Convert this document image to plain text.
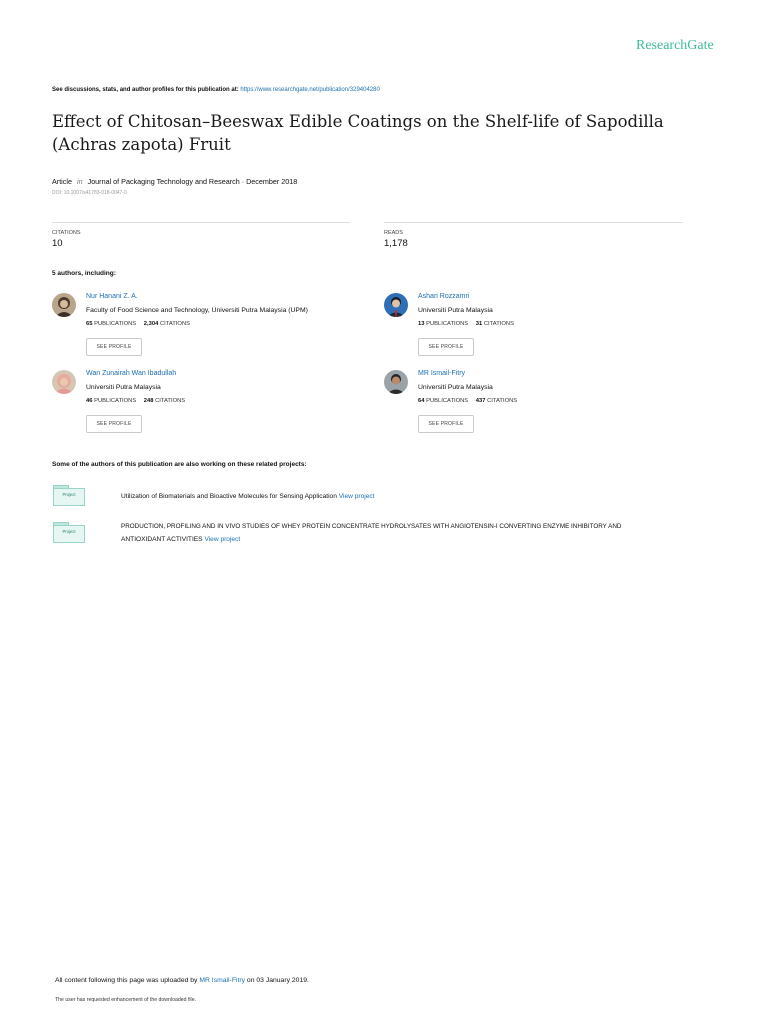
ResearchGate
See discussions, stats, and author profiles for this publication at: https://www.researchgate.net/publication/329404280
Effect of Chitosan–Beeswax Edible Coatings on the Shelf-life of Sapodilla
(Achras zapota) Fruit
Article in Journal of Packaging Technology and Research · December 2018
DOI: 10.1007/s41783-018-0047-0
CITATIONS
10
READS
1,178
5 authors, including:
Nur Hanani Z. A.
Faculty of Food Science and Technology, Universiti Putra Malaysia (UPM)
65 PUBLICATIONS 2,304 CITATIONS
SEE PROFILE
Ashari Rozzamri
Universiti Putra Malaysia
13 PUBLICATIONS 31 CITATIONS
SEE PROFILE
Wan Zunairah Wan Ibadullah
Universiti Putra Malaysia
46 PUBLICATIONS 248 CITATIONS
SEE PROFILE
MR Ismail-Fitry
Universiti Putra Malaysia
64 PUBLICATIONS 437 CITATIONS
SEE PROFILE
Some of the authors of this publication are also working on these related projects:
Project	Utilization of Biomaterials and Bioactive Molecules for Sensing Application View project
Project
PRODUCTION, PROFILING AND IN VIVO STUDIES OF WHEY PROTEIN CONCENTRATE HYDROLYSATES WITH ANGIOTENSIN-I CONVERTING ENZYME INHIBITORY AND
ANTIOXIDANT ACTIVITIES View project
All content following this page was uploaded by MR Ismail-Fitry on 03 January 2019.
The user has requested enhancement of the downloaded file.
